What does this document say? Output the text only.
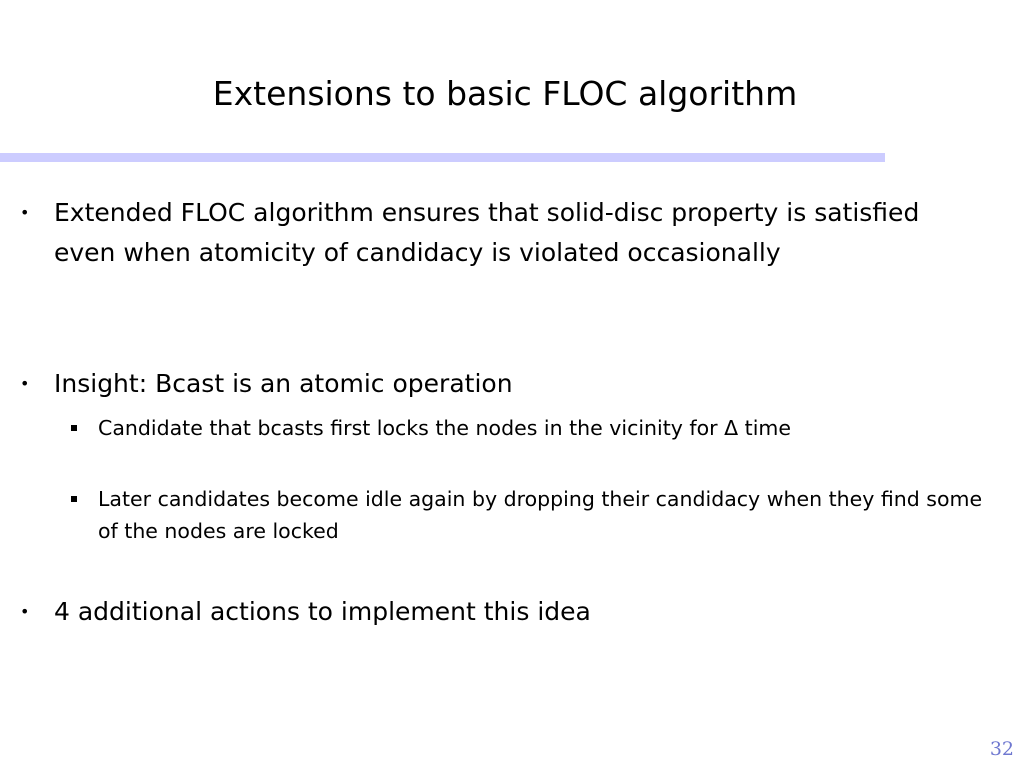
Extensions to basic FLOC algorithm
• Extended FLOC algorithm ensures that solid-disc property is satisfied even when atomicity of candidacy is violated occasionally
• Insight: Bcast is an atomic operation
Candidate that bcasts first locks the nodes in the vicinity for Δ time
Later candidates become idle again by dropping their candidacy when they find some of the nodes are locked
• 4 additional actions to implement this idea
32
